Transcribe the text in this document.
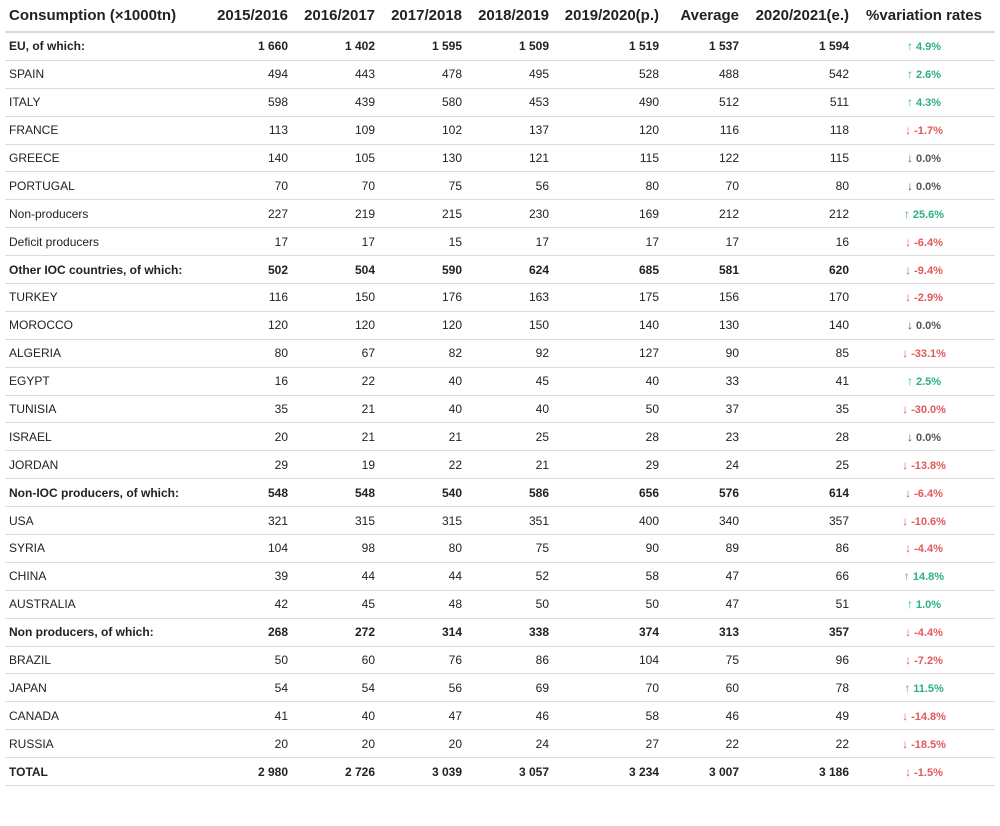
Consumption (×1000tn)	2015/2016	2016/2017	2017/2018	2018/2019	2019/2020(p.)	Average	2020/2021(e.)	%variation rates
EU, of which:	1 660	1 402	1 595	1 509	1 519	1 537	1 594	↑ 4.9%
SPAIN	494	443	478	495	528	488	542	↑ 2.6%
ITALY	598	439	580	453	490	512	511	↑ 4.3%
FRANCE	113	109	102	137	120	116	118	↓ -1.7%
GREECE	140	105	130	121	115	122	115	↓ 0.0%
PORTUGAL	70	70	75	56	80	70	80	↓ 0.0%
Non-producers	227	219	215	230	169	212	212	↑ 25.6%
Deficit producers	17	17	15	17	17	17	16	↓ -6.4%
Other IOC countries, of which:	502	504	590	624	685	581	620	↓ -9.4%
TURKEY	116	150	176	163	175	156	170	↓ -2.9%
MOROCCO	120	120	120	150	140	130	140	↓ 0.0%
ALGERIA	80	67	82	92	127	90	85	↓ -33.1%
EGYPT	16	22	40	45	40	33	41	↑ 2.5%
TUNISIA	35	21	40	40	50	37	35	↓ -30.0%
ISRAEL	20	21	21	25	28	23	28	↓ 0.0%
JORDAN	29	19	22	21	29	24	25	↓ -13.8%
Non-IOC producers, of which:	548	548	540	586	656	576	614	↓ -6.4%
USA	321	315	315	351	400	340	357	↓ -10.6%
SYRIA	104	98	80	75	90	89	86	↓ -4.4%
CHINA	39	44	44	52	58	47	66	↑ 14.8%
AUSTRALIA	42	45	48	50	50	47	51	↑ 1.0%
Non producers, of which:	268	272	314	338	374	313	357	↓ -4.4%
BRAZIL	50	60	76	86	104	75	96	↓ -7.2%
JAPAN	54	54	56	69	70	60	78	↑ 11.5%
CANADA	41	40	47	46	58	46	49	↓ -14.8%
RUSSIA	20	20	20	24	27	22	22	↓ -18.5%
TOTAL	2 980	2 726	3 039	3 057	3 234	3 007	3 186	↓ -1.5%
